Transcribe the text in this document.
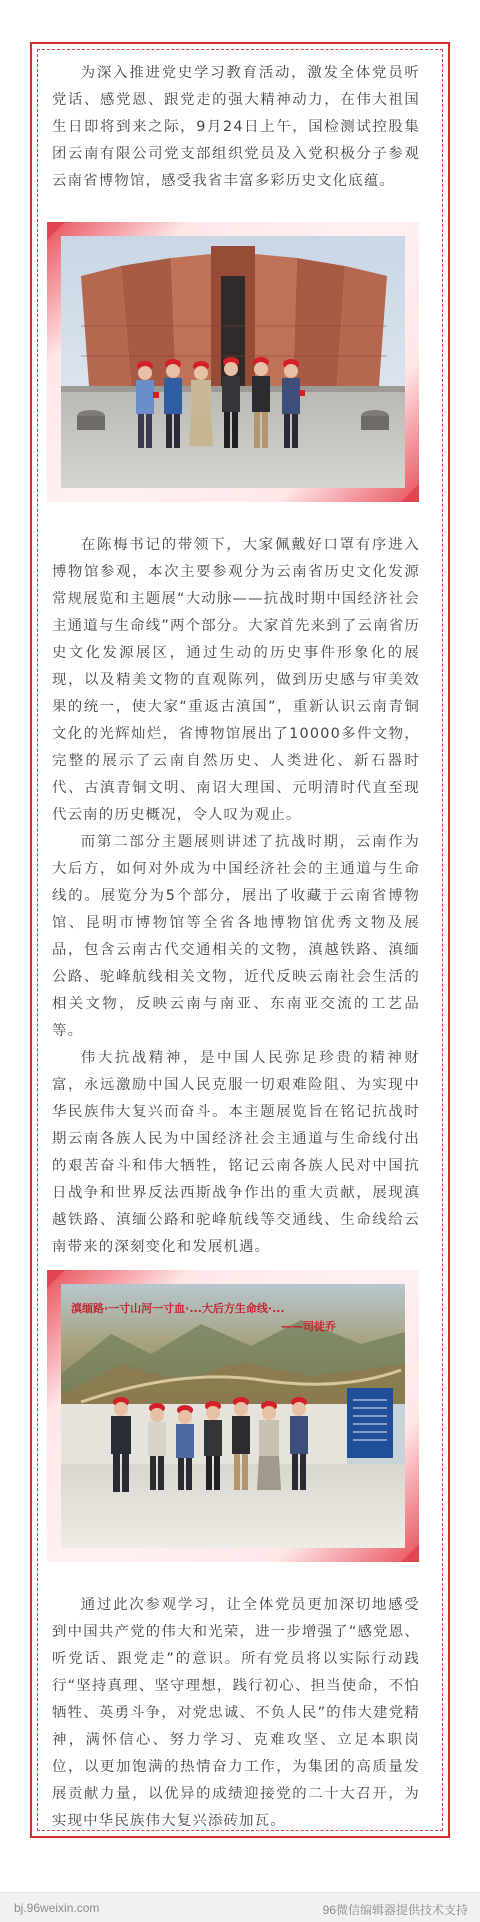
为深入推进党史学习教育活动，激发全体党员听党话、感党恩、跟党走的强大精神动力，在伟大祖国生日即将到来之际，9月24日上午，国检测试控股集团云南有限公司党支部组织党员及入党积极分子参观云南省博物馆，感受我省丰富多彩历史文化底蕴。

在陈梅书记的带领下，大家佩戴好口罩有序进入博物馆参观，本次主要参观分为云南省历史文化发源常规展览和主题展“大动脉——抗战时期中国经济社会主通道与生命线”两个部分。大家首先来到了云南省历史文化发源展区，通过生动的历史事件形象化的展现，以及精美文物的直观陈列，做到历史感与审美效果的统一，使大家“重返古滇国”，重新认识云南青铜文化的光辉灿烂，省博物馆展出了10000多件文物，完整的展示了云南自然历史、人类进化、新石器时代、古滇青铜文明、南诏大理国、元明清时代直至现代云南的历史概况，令人叹为观止。

而第二部分主题展则讲述了抗战时期，云南作为大后方，如何对外成为中国经济社会的主通道与生命线的。展览分为5个部分，展出了收藏于云南省博物馆、昆明市博物馆等全省各地博物馆优秀文物及展品，包含云南古代交通相关的文物，滇越铁路、滇缅公路、驼峰航线相关文物，近代反映云南社会生活的相关文物，反映云南与南亚、东南亚交流的工艺品等。

伟大抗战精神，是中国人民弥足珍贵的精神财富，永远激励中国人民克服一切艰难险阻、为实现中华民族伟大复兴而奋斗。本主题展览旨在铭记抗战时期云南各族人民为中国经济社会主通道与生命线付出的艰苦奋斗和伟大牺牲，铭记云南各族人民对中国抗日战争和世界反法西斯战争作出的重大贡献，展现滇越铁路、滇缅公路和驼峰航线等交通线、生命线给云南带来的深刻变化和发展机遇。

滇缅路·一寸山河一寸血·...大后方生命线·...
——司徒乔

通过此次参观学习，让全体党员更加深切地感受到中国共产党的伟大和光荣，进一步增强了“感党恩、听党话、跟党走”的意识。所有党员将以实际行动践行“坚持真理、坚守理想，践行初心、担当使命，不怕牺牲、英勇斗争，对党忠诚、不负人民”的伟大建党精神，满怀信心、努力学习、克难攻坚、立足本职岗位，以更加饱满的热情奋力工作，为集团的高质量发展贡献力量，以优异的成绩迎接党的二十大召开，为实现中华民族伟大复兴添砖加瓦。

bj.96weixin.com	96微信编辑器提供技术支持
